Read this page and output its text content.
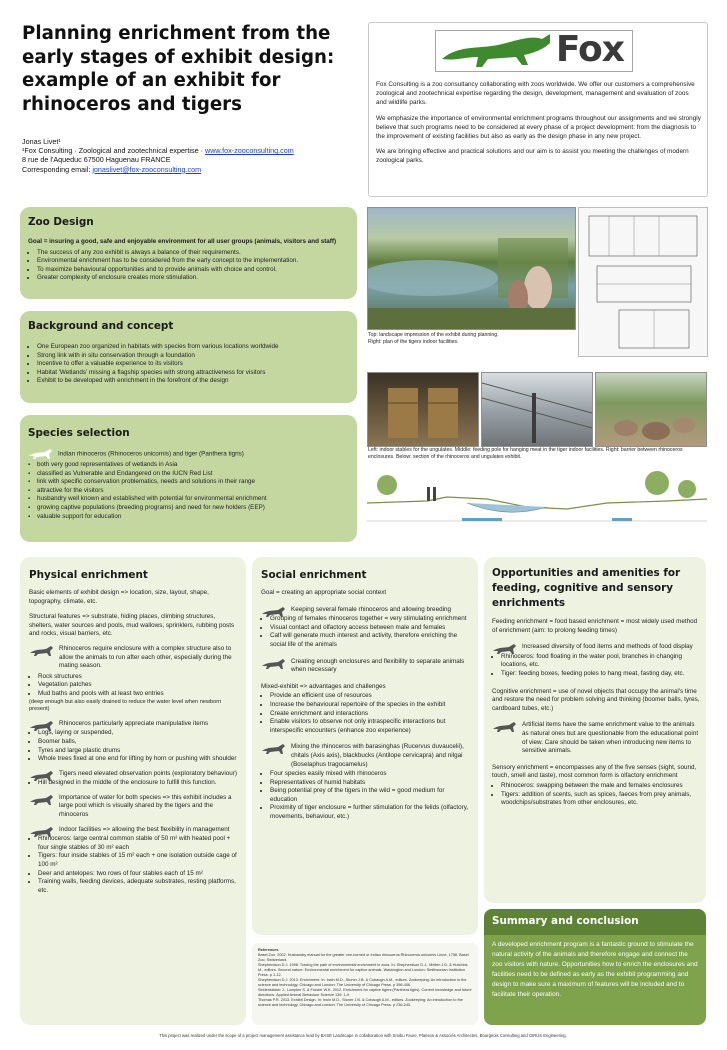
Planning enrichment from the early stages of exhibit design: example of an exhibit for rhinoceros and tigers
Jonas Livet¹
¹Fox Consulting · Zoological and zootechnical expertise · www.fox-zooconsulting.com
8 rue de l'Aqueduc 67500 Haguenau FRANCE
Corresponding email: jonaslivet@fox-zooconsulting.com
Fox

Fox Consulting is a zoo consultancy collaborating with zoos worldwide. We offer our customers a comprehensive zoological and zootechnical expertise regarding the design, development, management and evaluation of zoos and wildlife parks.

We emphasize the importance of environmental enrichment programs throughout our assignments and we strongly believe that such programs need to be considered at every phase of a project development: from the diagnosis to the improvement of existing facilities but also as early as the design phase in any new project.

We are bringing effective and practical solutions and our aim is to assist you meeting the challenges of modern zoological parks.

Zoo Design

Goal = insuring a good, safe and enjoyable environment for all user groups (animals, visitors and staff)

• The success of any zoo exhibit is always a balance of their requirements.
• Environmental enrichment has to be considered from the early concept to the implementation.
• To maximize behavioural opportunities and to provide animals with choice and control.
• Greater complexity of enclosure creates more stimulation.
Background and concept
• One European zoo organized in habitats with species from various locations worldwide
• Strong link with in situ conservation through a foundation
• Incentive to offer a valuable experience to its visitors
• Habitat 'Wetlands' missing a flagship species with strong attractiveness for visitors
• Exhibit to be developed with enrichment in the forefront of the design
Species selection

Indian rhinoceros (Rhinoceros unicornis) and tiger (Panthera tigris)

▪ both very good representatives of wetlands in Asia
▪ classified as Vulnerable and Endangered on the IUCN Red List
▪ link with specific conservation problematics, needs and solutions in their range
▪ attractive for the visitors
▪ husbandry well known and established with potential for environmental enrichment
▪ growing captive populations (breeding programs) and need for new holders (EEP)
▪ valuable support for education
Top: landscape impression of the exhibit during planning.
Right: plan of the tigers indoor facilities.
Left: indoor stables for the ungulates. Middle: feeding pole for hanging meat in the tiger indoor facilities. Right: barrier between rhinoceros enclosures. Below: section of the rhinoceros and ungulates exhibit.

Physical enrichment

Basic elements of exhibit design => location, size, layout, shape, topography, climate, etc.

Structural features => substrate, hiding places, climbing structures, shelters, water sources and pools, mud wallows, sprinklers, rubbing posts and rocks, visual barriers, etc.

Rhinoceros require enclosure with a complex structure also to allow the animals to run after each other, especially during the mating season.

• Rock structures
• Vegetation patches
• Mud baths and pools with at least two entries

(deep enough but also easily drained to reduce the water level when newborn present)

Rhinoceros particularly appreciate manipulative items

• Logs, laying or suspended,
• Boomer balls,
• Tyres and large plastic drums
• Whole trees fixed at one end for lifting by horn or pushing with shoulder

Tigers need elevated observation points (exploratory behaviour)

• Hill designed in the middle of the enclosure to fulfill this function.

Importance of water for both species => this exhibit includes a large pool which is visually shared by the tigers and the rhinoceros

Indoor facilities => allowing the best flexibility in management

• Rhinoceros: large central common stable of 50 m² with heated pool + four single stables of 30 m² each
• Tigers: four inside stables of 15 m² each + one isolation outside cage of 100 m²
• Deer and antelopes: two rows of four stables each of 15 m²
• Training walls, feeding devices, adequate substrates, resting platforms, etc.

Social enrichment

Goal = creating an appropriate social context

Keeping several female rhinoceros and allowing breeding

• Grouping of females rhinoceros together = very stimulating enrichment
• Visual contact and olfactory access between male and females
• Calf will generate much interest and activity, therefore enriching the social life of the animals

Creating enough enclosures and flexibility to separate animals when necessary

Mixed-exhibit => advantages and challenges

• Provide an efficient use of resources
• Increase the behavioural repertoire of the species in the exhibit
• Create enrichment and interactions
• Enable visitors to observe not only intraspecific interactions but interspecific encounters (enhance zoo experience)

Mixing the rhinoceros with barasinghas (Rucervus duvaucelii), chitals (Axis axis), blackbucks (Antilope cervicapra) and nilgai (Boselaphus tragocamelus)

• Four species easily mixed with rhinoceros
• Representatives of humid habitats
• Being potential prey of the tigers in the wild = good medium for education
• Proximity of tiger enclosure = further stimulation for the felids (olfactory, movements, behaviour, etc.)
References
Basel Zoo. 2002. Husbandry manual for the greater one-horned or Indian rhinoceros Rhinoceros unicornis Linné, 1758. Basel Zoo, Switzerland.
Shepherdson D.J. 1998. Tracing the path of environmental enrichment in zoos. In: Shepherdson D.J., Mellen J.D. & Hutchins M., editors. Second nature: Environmental enrichment for captive animals. Washington and London: Smithsonian Institution Press. p 1-12.
Shepherdson D.J. 2013. Enrichment. In: Irwin M.D., Stoner J.B. & Cobaugh A.M., editors. Zookeeping: An introduction to the science and technology. Chicago and London: The University of Chicago Press. p 396-406.
Seidensticker J., Lumpkin S. & Forster W.K. 2012. Enrichment for captive tigers (Panthera tigris). Current knowledge and future directions. Applied Animal Behaviour Science 139: 1-9.
Thomas P.R. 2013. Exhibit Design. In: Irwin M.D., Stoner J.B. & Cobaugh A.M., editors. Zookeeping: An introduction to the science and technology. Chicago and London: The University of Chicago Press. p 236-243.

Opportunities and amenities for feeding, cognitive and sensory enrichments

Feeding enrichment = food based enrichment = most widely used method of enrichment (aim: to prolong feeding times)

Increased diversity of food items and methods of food display

• Rhinoceros: food floating in the water pool, branches in changing locations, etc.
• Tiger: feeding boxes, feeding poles to hang meat, fasting day, etc.

Cognitive enrichment = use of novel objects that occupy the animal's time and restore the need for problem solving and thinking (boomer balls, tyres, cardboard tubes, etc.)

Artificial items have the same enrichment value to the animals as natural ones but are questionable from the educational point of view. Care should be taken when introducing new items to sensitive animals.

Sensory enrichment = encompasses any of the five senses (sight, sound, touch, smell and taste), most common form is olfactory enrichment

• Rhinoceros: swapping between the male and females enclosures
• Tigers: addition of scents, such as spices, faeces from prey animals, woodchips/substrates from other enclosures, etc.
Summary and conclusion
A developed enrichment program is a fantastic ground to stimulate the natural activity of the animals and therefore engage and connect the zoo visitors with nature. Opportunities how to enrich the enclosures and facilities need to be defined as early as the exhibit programming and design to make sure a maximum of features will be included and to facilitate their operation.
This project was realized under the scope of a project management assistance lead by BASE Landscape in collaboration with Smibu Faure, Planson & Associés Architectes, Bourgeois Consulting and GIRUS Engineering.
